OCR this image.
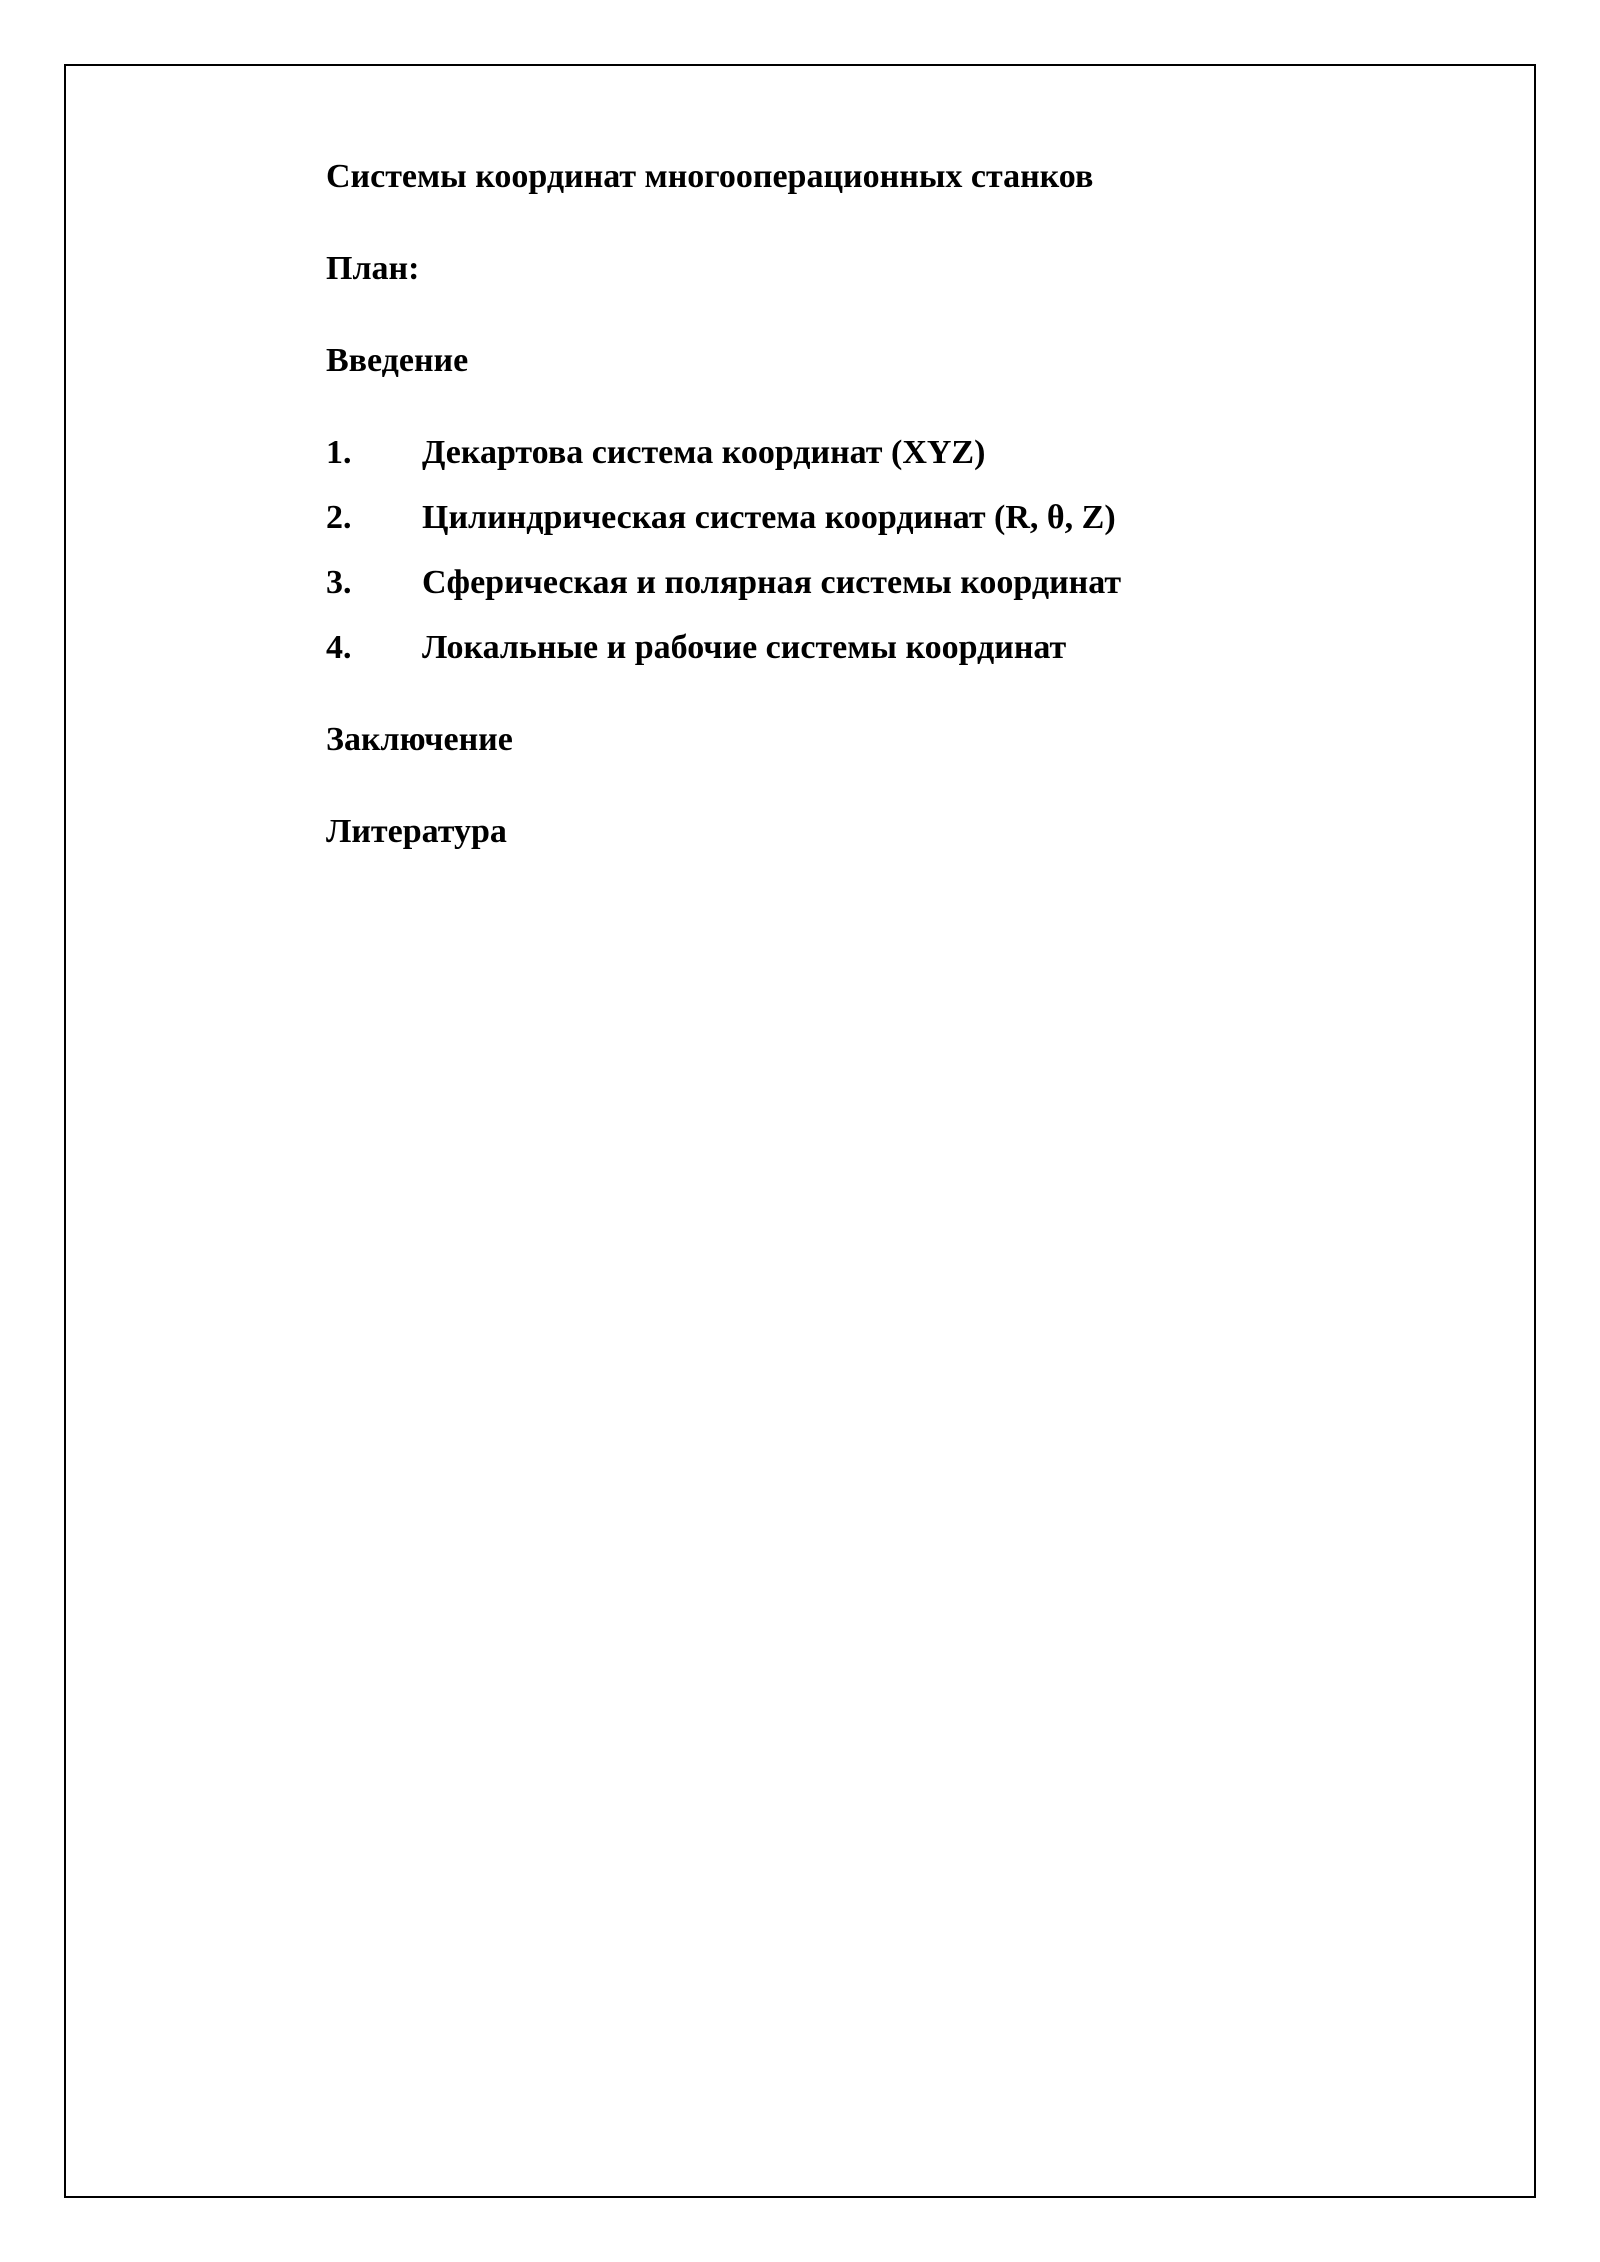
Системы координат многооперационных станков
План:
Введение
1. Декартова система координат (XYZ)
2. Цилиндрическая система координат (R, θ, Z)
3. Сферическая и полярная системы координат
4. Локальные и рабочие системы координат
Заключение
Литература
